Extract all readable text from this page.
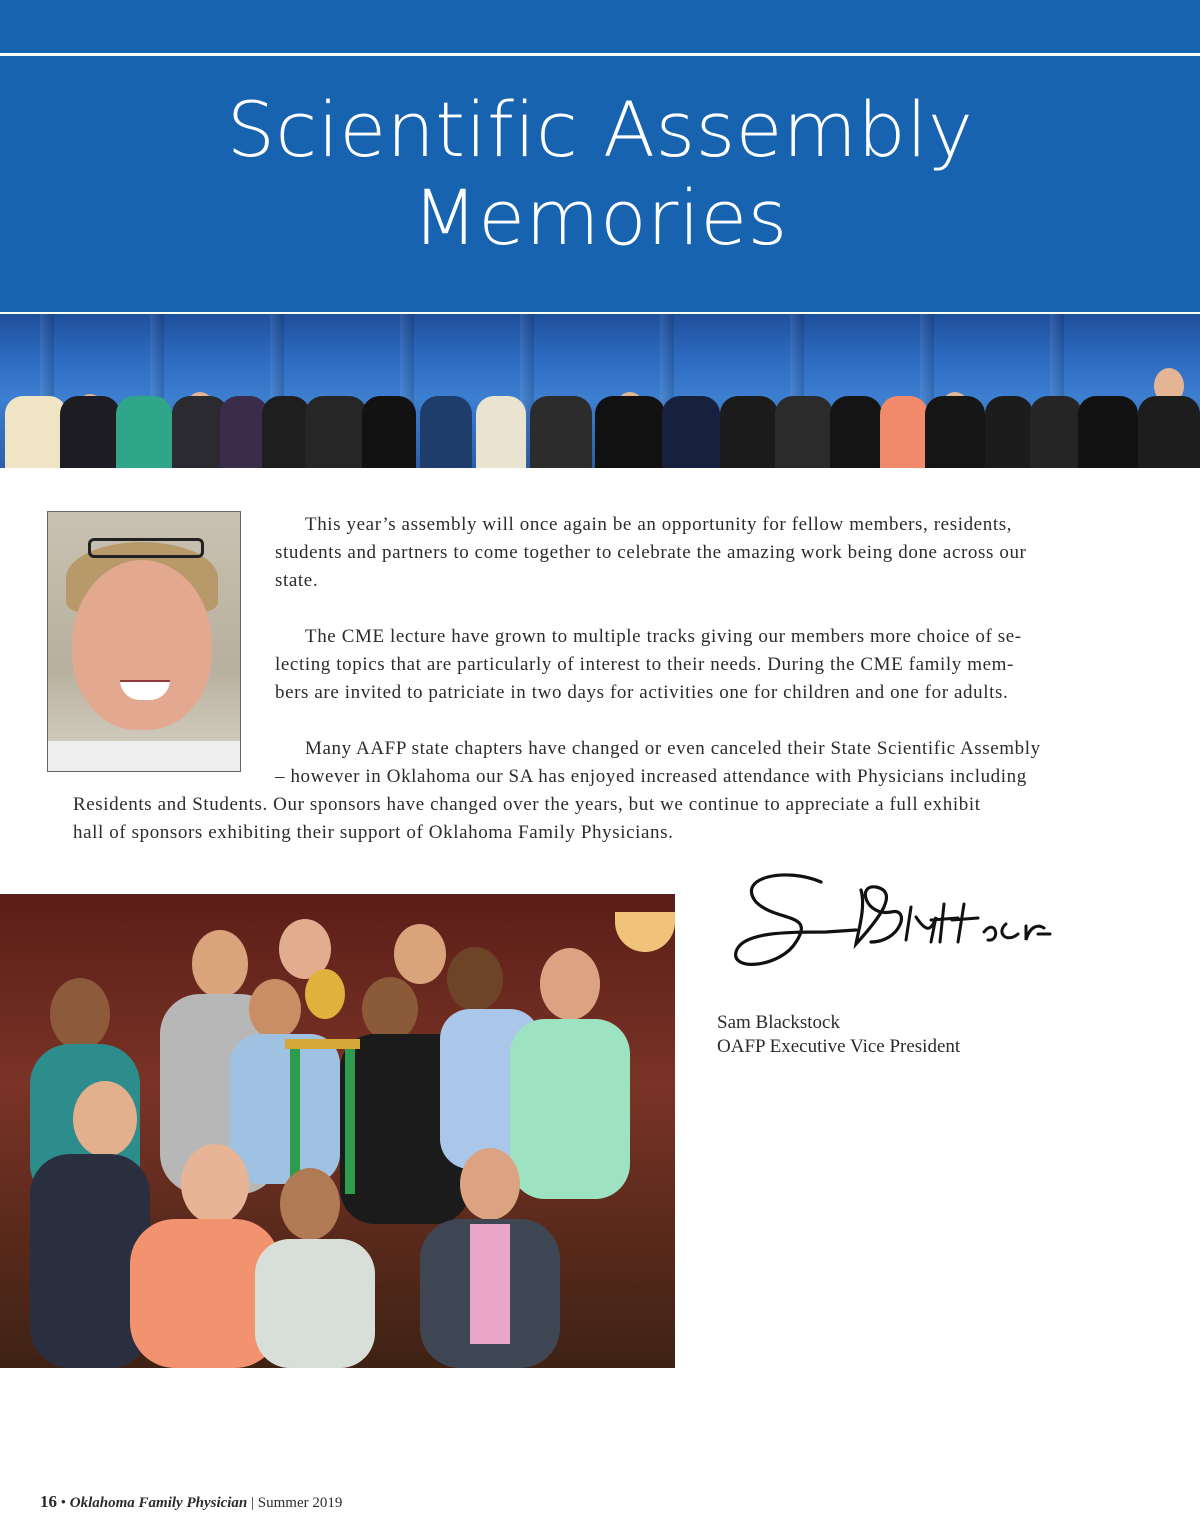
Scientific Assembly
Memories
This year’s assembly will once again be an opportunity for fellow members, residents,
students and partners to come together to celebrate the amazing work being done across our
state.
The CME lecture have grown to multiple tracks giving our members more choice of se-
lecting topics that are particularly of interest to their needs. During the CME family mem-
bers are invited to patriciate in two days for activities one for children and one for adults.
Many AAFP state chapters have changed or even canceled their State Scientific Assembly
– however in Oklahoma our SA has enjoyed increased attendance with Physicians including
Residents and Students. Our sponsors have changed over the years, but we continue to appreciate a full exhibit
hall of sponsors exhibiting their support of Oklahoma Family Physicians.
Sam Blackstock
OAFP Executive Vice President
16 • Oklahoma Family Physician | Summer 2019
